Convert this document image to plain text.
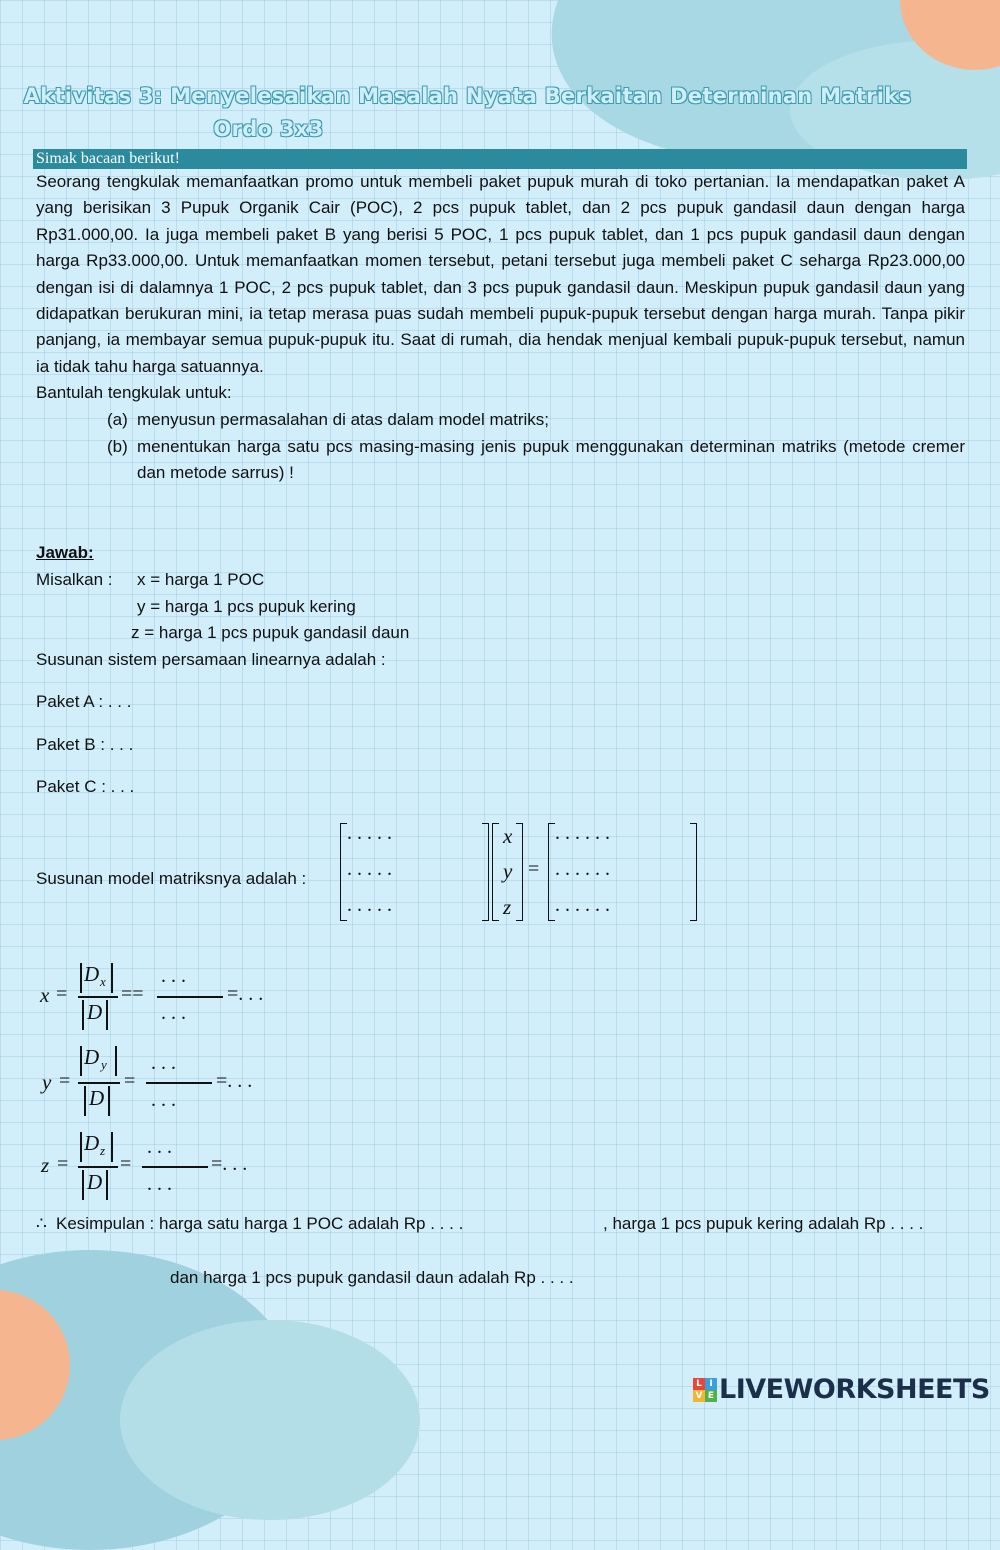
Aktivitas 3: Menyelesaikan Masalah Nyata Berkaitan Determinan Matriks
Ordo 3x3
Simak bacaan berikut!

Seorang tengkulak memanfaatkan promo untuk membeli paket pupuk murah di toko pertanian. Ia mendapatkan paket A yang berisikan 3 Pupuk Organik Cair (POC), 2 pcs pupuk tablet, dan 2 pcs pupuk gandasil daun dengan harga Rp31.000,00. Ia juga membeli paket B yang berisi 5 POC, 1 pcs pupuk tablet, dan 1 pcs pupuk gandasil daun dengan harga Rp33.000,00. Untuk memanfaatkan momen tersebut, petani tersebut juga membeli paket C seharga Rp23.000,00 dengan isi di dalamnya 1 POC, 2 pcs pupuk tablet, dan 3 pcs pupuk gandasil daun. Meskipun pupuk gandasil daun yang didapatkan berukuran mini, ia tetap merasa puas sudah membeli pupuk-pupuk tersebut dengan harga murah. Tanpa pikir panjang, ia membayar semua pupuk-pupuk itu. Saat di rumah, dia hendak menjual kembali pupuk-pupuk tersebut, namun ia tidak tahu harga satuannya.

Bantulah tengkulak untuk:
(a) menyusun permasalahan di atas dalam model matriks;
(b) menentukan harga satu pcs masing-masing jenis pupuk menggunakan determinan matriks (metode cremer dan metode sarrus) !
Jawab:
Misalkan : x = harga 1 POC
y = harga 1 pcs pupuk kering
z = harga 1 pcs pupuk gandasil daun
Susunan sistem persamaan linearnya adalah :
Paket A : . . .
Paket B : . . .
Paket C : . . .
Susunan model matriksnya adalah :
. . . . .
. . . . .
. . . . .
x
y
z
=
. . . . . .
. . . . . .
. . . . . .
x =
D x
D
==
. . .
. . .
=. . .
y =
D y
D
=
. . .
. . .
=. . .
z =
D z
D
=
. . .
. . .
=. . .
∴ Kesimpulan : harga satu harga 1 POC adalah Rp . . . .	, harga 1 pcs pupuk kering adalah Rp . . . .
dan harga 1 pcs pupuk gandasil daun adalah Rp . . . .
L I
V E LIVEWORKSHEETS
